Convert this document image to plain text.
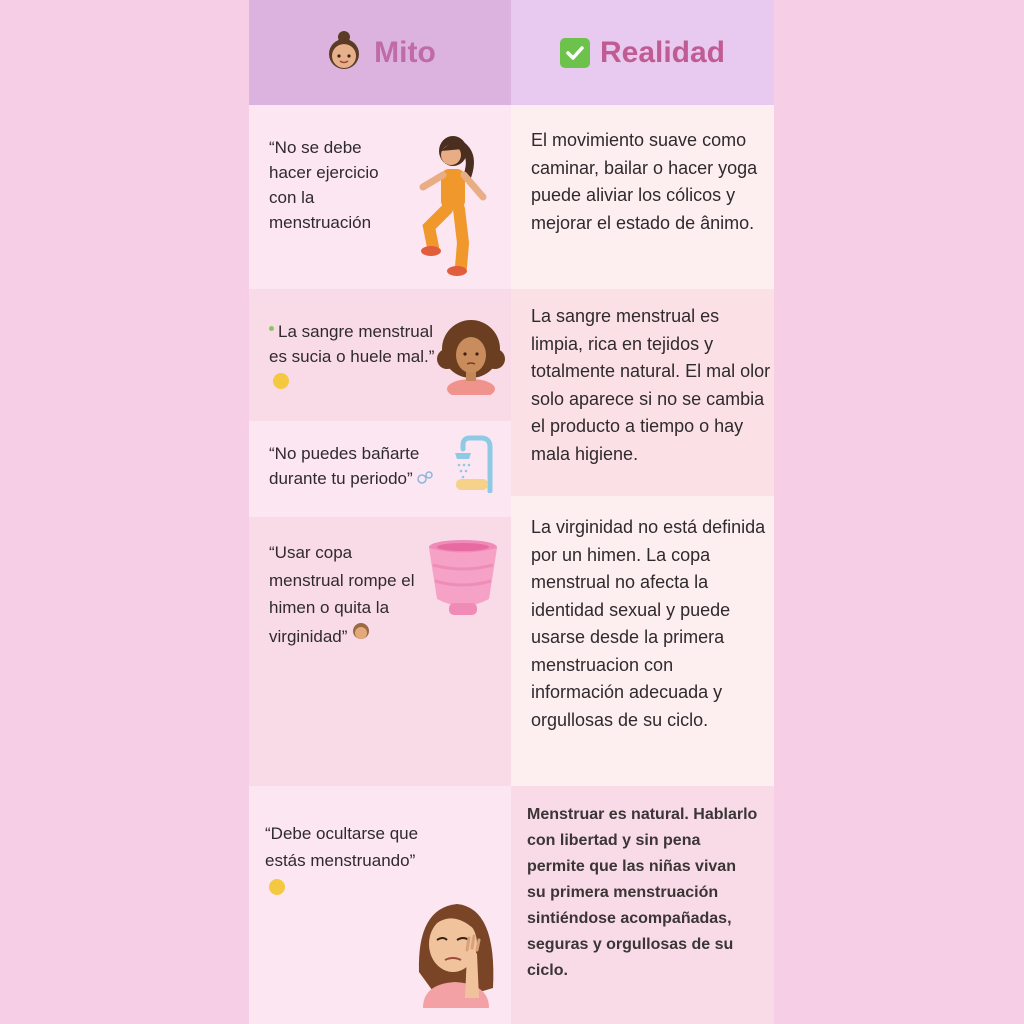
Mito	Realidad
“No se debe hacer ejercicio con la menstruación
El movimiento suave como caminar, bailar o hacer yoga puede aliviar los cólicos y mejorar el estado de ânimo.
La sangre menstrual es sucia o huele mal.”
La sangre menstrual es limpia, rica en tejidos y totalmente natural. El mal olor solo aparece si no se cambia el producto a tiempo o hay mala higiene.
“No puedes bañarte durante tu periodo”
“Usar copa menstrual rompe el himen o quita la virginidad”
La virginidad no está definida por un himen. La copa menstrual no afecta la identidad sexual y puede usarse desde la primera menstruacion con información adecuada y orgullosas de su ciclo.
“Debe ocultarse que estás menstruando”
Menstruar es natural. Hablarlo con libertad y sin pena permite que las niñas vivan su primera menstruación sintiéndose acompañadas, seguras y orgullosas de su ciclo.
